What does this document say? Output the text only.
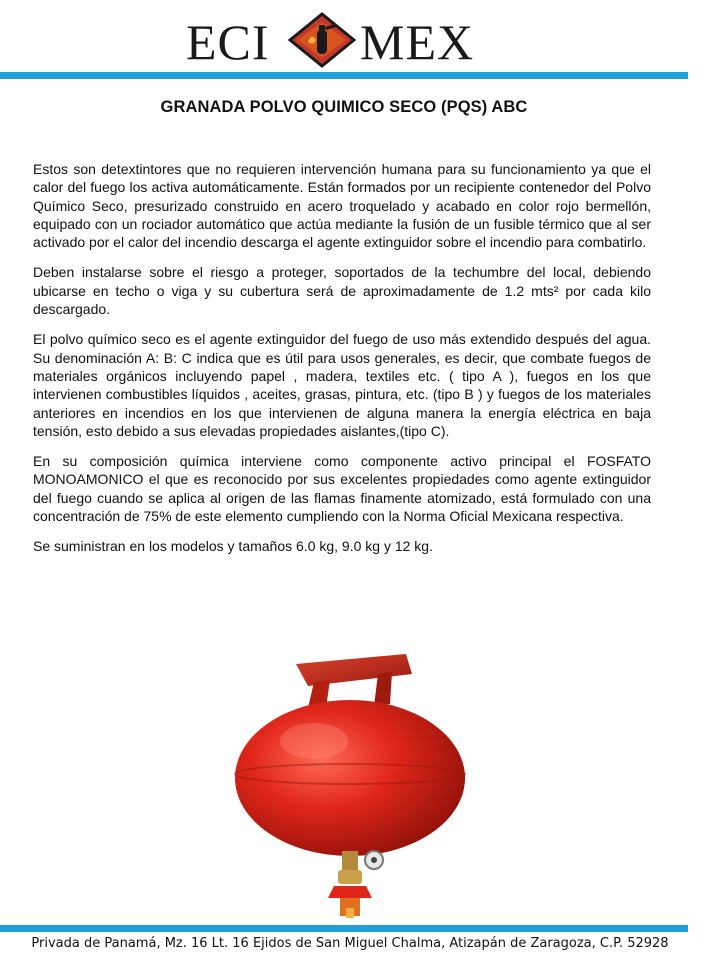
ECI MEX
GRANADA POLVO QUIMICO SECO (PQS) ABC

Estos son detextintores que no requieren intervención humana para su funcionamiento ya que el calor del fuego los activa automáticamente. Están formados por un recipiente contenedor del Polvo Químico Seco, presurizado construido en acero troquelado y acabado en color rojo bermellón, equipado con un rociador automático que actúa mediante la fusión de un fusible térmico que al ser activado por el calor del incendio descarga el agente extinguidor sobre el incendio para combatirlo.

Deben instalarse sobre el riesgo a proteger, soportados de la techumbre del local, debiendo ubicarse en techo o viga y su cubertura será de aproximadamente de 1.2 mts² por cada kilo descargado.

El polvo químico seco es el agente extinguidor del fuego de uso más extendido después del agua. Su denominación A: B: C indica que es útil para usos generales, es decir, que combate fuegos de materiales orgánicos incluyendo papel , madera, textiles etc. ( tipo A ), fuegos en los que intervienen combustibles líquidos , aceites, grasas, pintura, etc. (tipo B ) y fuegos de los materiales anteriores en incendios en los que intervienen de alguna manera la energía eléctrica en baja tensión, esto debido a sus elevadas propiedades aislantes,(tipo C).

En su composición química interviene como componente activo principal el FOSFATO MONOAMONICO el que es reconocido por sus excelentes propiedades como agente extinguidor del fuego cuando se aplica al origen de las flamas finamente atomizado, está formulado con una concentración de 75% de este elemento cumpliendo con la Norma Oficial Mexicana respectiva.

Se suministran en los modelos y tamaños 6.0 kg, 9.0 kg y 12 kg.

Privada de Panamá, Mz. 16 Lt. 16 Ejidos de San Miguel Chalma, Atizapán de Zaragoza, C.P. 52928
